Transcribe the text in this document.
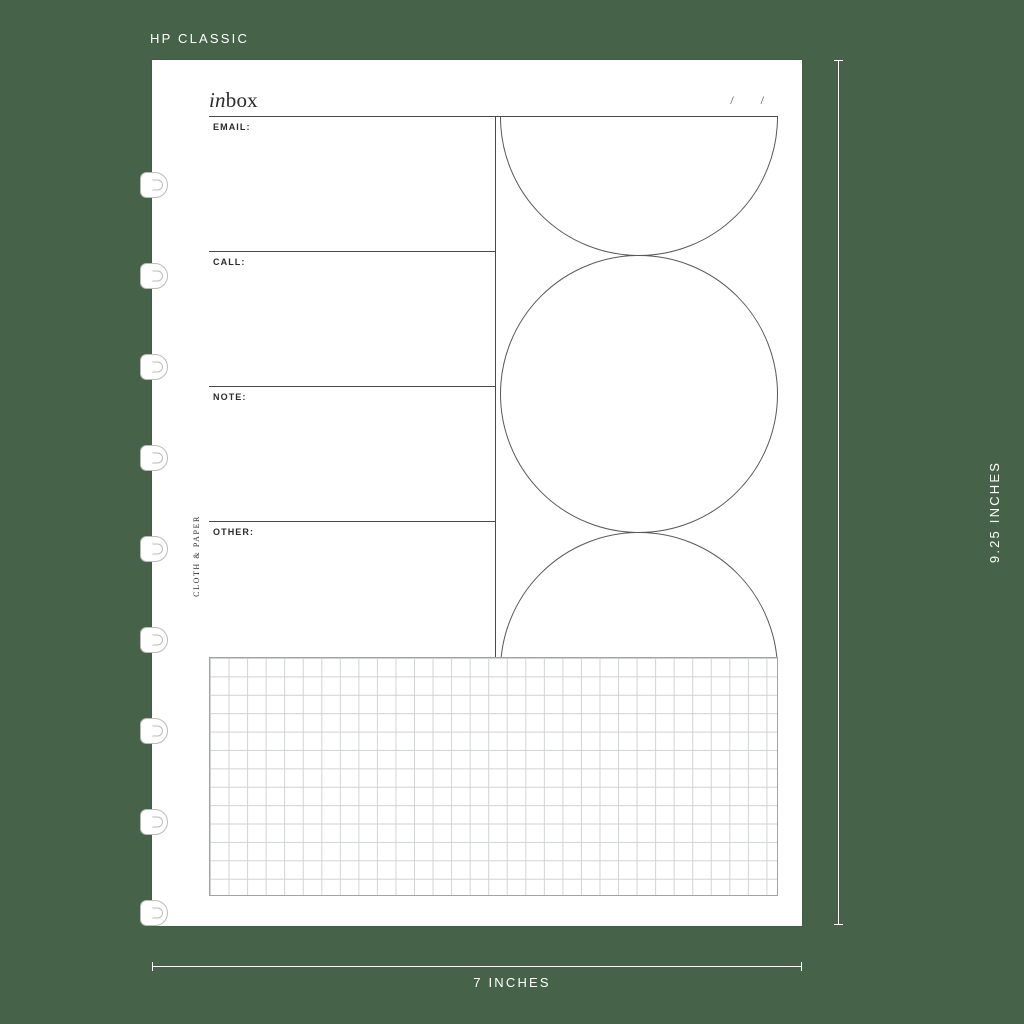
HP CLASSIC
9.25 INCHES
7 INCHES
CLOTH & PAPER
inbox	/ /
EMAIL:
CALL:
NOTE:
OTHER:
